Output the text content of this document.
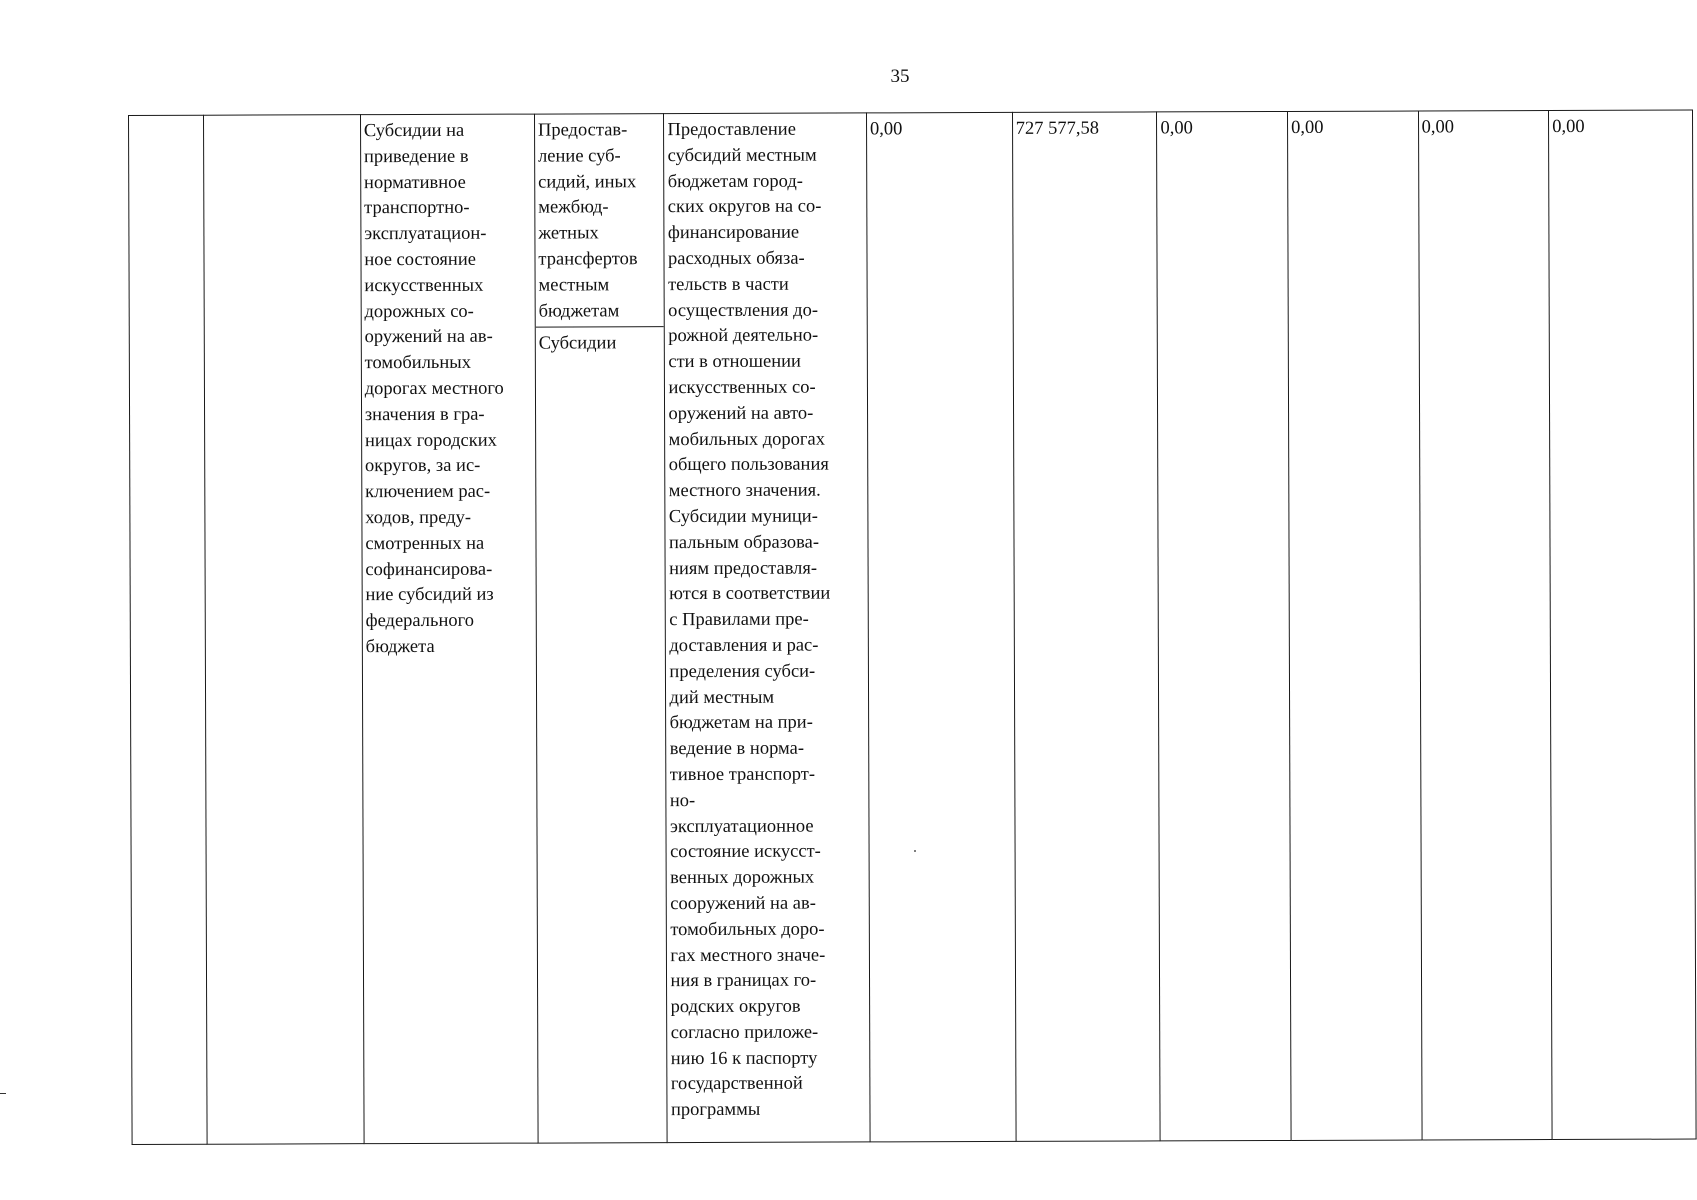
35

Субсидии на
приведение в
нормативное
транспортно-
эксплуатацион-
ное состояние
искусственных
дорожных со-
оружений на ав-
томобильных
дорогах местного
значения в гра-
ницах городских
округов, за ис-
ключением рас-
ходов, преду-
смотренных на
софинансирова-
ние субсидий из
федерального
бюджета

Предостав-
ление суб-
сидий, иных
межбюд-
жетных
трансфертов
местным
бюджетам
Субсидии

Предоставление
субсидий местным
бюджетам город-
ских округов на со-
финансирование
расходных обяза-
тельств в части
осуществления до-
рожной деятельно-
сти в отношении
искусственных со-
оружений на авто-
мобильных дорогах
общего пользования
местного значения.
Субсидии муници-
пальным образова-
ниям предоставля-
ются в соответствии
с Правилами пре-
доставления и рас-
пределения субси-
дий местным
бюджетам на при-
ведение в норма-
тивное транспорт-
но-
эксплуатационное
состояние искусст-
венных дорожных
сооружений на ав-
томобильных доро-
гах местного значе-
ния в границах го-
родских округов
согласно приложе-
нию 16 к паспорту
государственной
программы

0,00	727 577,58	0,00	0,00	0,00	0,00
